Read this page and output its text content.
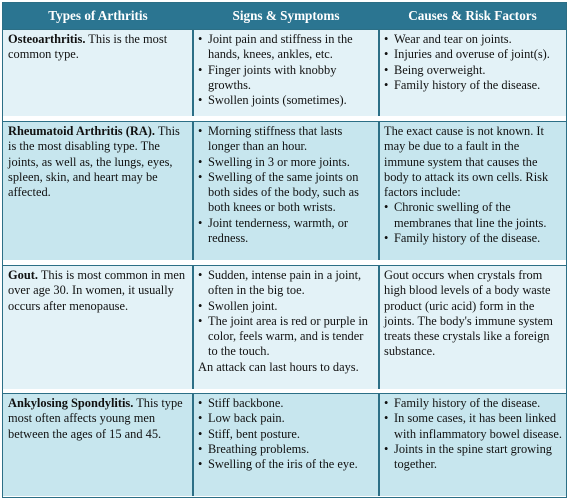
Types of Arthritis	Signs & Symptoms	Causes & Risk Factors
Osteoarthritis. This is the most common type.
• Joint pain and stiffness in the hands, knees, ankles, etc.
• Finger joints with knobby growths.
• Swollen joints (sometimes).
• Wear and tear on joints.
• Injuries and overuse of joint(s).
• Being overweight.
• Family history of the disease.
Rheumatoid Arthritis (RA). This is the most disabling type. The joints, as well as, the lungs, eyes, spleen, skin, and heart may be affected.
• Morning stiffness that lasts longer than an hour.
• Swelling in 3 or more joints.
• Swelling of the same joints on both sides of the body, such as both knees or both wrists.
• Joint tenderness, warmth, or redness.
The exact cause is not known. It may be due to a fault in the immune system that causes the body to attack its own cells. Risk factors include:
• Chronic swelling of the membranes that line the joints.
• Family history of the disease.
Gout. This is most common in men over age 30. In women, it usually occurs after menopause.
• Sudden, intense pain in a joint, often in the big toe.
• Swollen joint.
• The joint area is red or purple in color, feels warm, and is tender to the touch.
An attack can last hours to days.
Gout occurs when crystals from high blood levels of a body waste product (uric acid) form in the joints. The body's immune system treats these crystals like a foreign substance.
Ankylosing Spondylitis. This type most often affects young men between the ages of 15 and 45.
• Stiff backbone.
• Low back pain.
• Stiff, bent posture.
• Breathing problems.
• Swelling of the iris of the eye.
• Family history of the disease.
• In some cases, it has been linked with inflammatory bowel disease.
• Joints in the spine start growing together.
